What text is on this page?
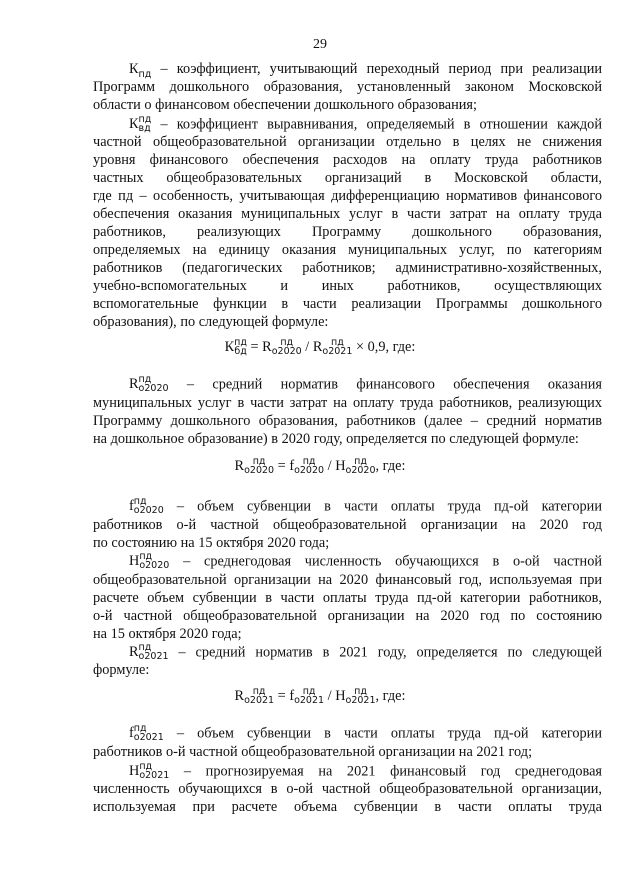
29
$К_{пд}$ – коэффициент, учитывающий переходный период при реализации
Программ дошкольного образования, установленный законом Московской
области о финансовом обеспечении дошкольного образования;
К пд
вд – коэффициент выравнивания, определяемый в отношении каждой
частной общеобразовательной организации отдельно в целях не снижения
уровня финансового обеспечения расходов на оплату труда работников
частных общеобразовательных организаций в Московской области,
где пд – особенность, учитывающая дифференциацию нормативов финансового
обеспечения оказания муниципальных услуг в части затрат на оплату труда
работников, реализующих Программу дошкольного образования,
определяемых на единицу оказания муниципальных услуг, по категориям
работников (педагогических работников; административно-хозяйственных,
учебно-вспомогательных и иных работников, осуществляющих
вспомогательные функции в части реализации Программы дошкольного
образования), по следующей формуле:
К пд
бд = R пд
о2020 / R пд
о2021 × 0,9, где:
R пд
о2020 – средний норматив финансового обеспечения оказания
муниципальных услуг в части затрат на оплату труда работников, реализующих
Программу дошкольного образования, работников (далее – средний норматив
на дошкольное образование) в 2020 году, определяется по следующей формуле:
R пд
о2020 = f пд
о2020 / Н пд
о2020 , где:
f пд
о2020 – объем субвенции в части оплаты труда пд-ой категории
работников о-й частной общеобразовательной организации на 2020 год
по состоянию на 15 октября 2020 года;
Н пд
о2020 – среднегодовая численность обучающихся в о-ой частной
общеобразовательной организации на 2020 финансовый год, используемая при
расчете объем субвенции в части оплаты труда пд-ой категории работников,
о-й частной общеобразовательной организации на 2020 год по состоянию
на 15 октября 2020 года;
R пд
о2021 – средний норматив в 2021 году, определяется по следующей
формуле:
R пд
о2021 = f пд
о2021 / Н пд
о2021 , где:
f пд
о2021 – объем субвенции в части оплаты труда пд-ой категории
работников о-й частной общеобразовательной организации на 2021 год;
Н пд
о2021 – прогнозируемая на 2021 финансовый год среднегодовая
численность обучающихся в о-ой частной общеобразовательной организации,
используемая при расчете объема субвенции в части оплаты труда
